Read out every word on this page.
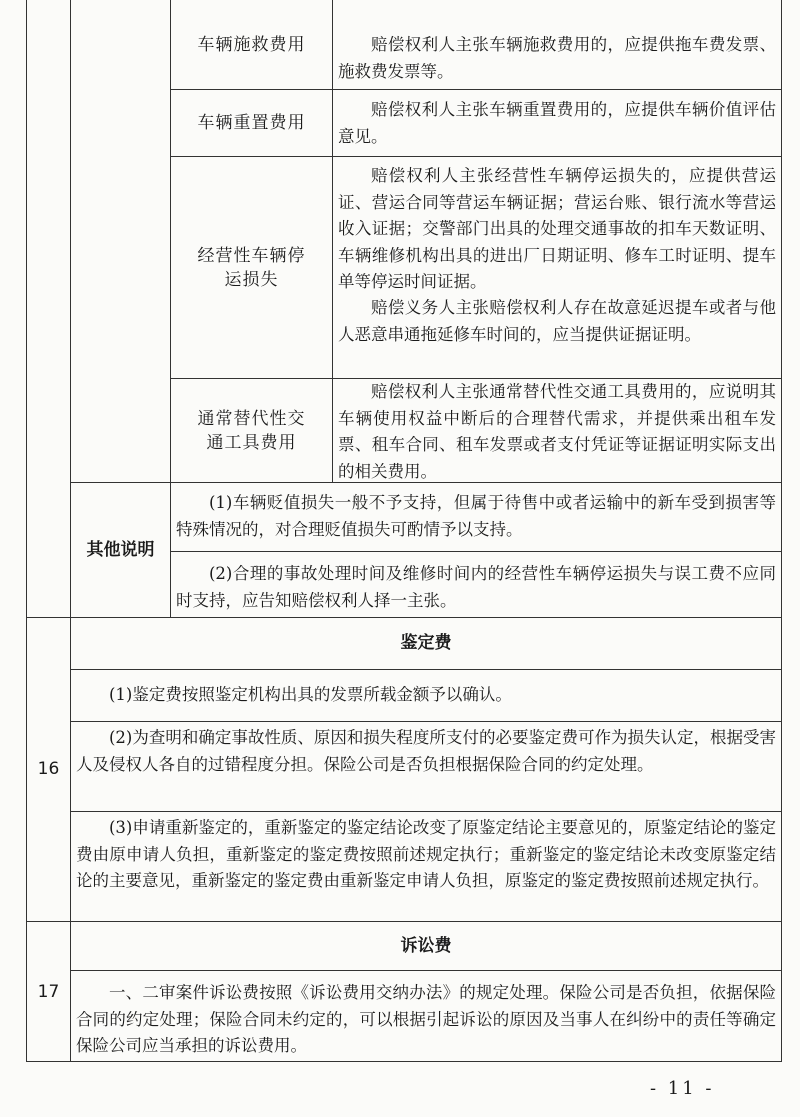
车辆施救费用	赔偿权利人主张车辆施救费用的，应提供拖车费发票、施救费发票等。
车辆重置费用
赔偿权利人主张车辆重置费用的，应提供车辆价值评估意见。
经营性车辆停运损失
赔偿权利人主张经营性车辆停运损失的，应提供营运证、营运合同等营运车辆证据；营运台账、银行流水等营运收入证据；交警部门出具的处理交通事故的扣车天数证明、车辆维修机构出具的进出厂日期证明、修车工时证明、提车单等停运时间证据。
赔偿义务人主张赔偿权利人存在故意延迟提车或者与他人恶意串通拖延修车时间的，应当提供证据证明。
通常替代性交通工具费用
赔偿权利人主张通常替代性交通工具费用的，应说明其车辆使用权益中断后的合理替代需求，并提供乘出租车发票、租车合同、租车发票或者支付凭证等证据证明实际支出的相关费用。
其他说明
(1)车辆贬值损失一般不予支持，但属于待售中或者运输中的新车受到损害等特殊情况的，对合理贬值损失可酌情予以支持。
(2)合理的事故处理时间及维修时间内的经营性车辆停运损失与误工费不应同时支持，应告知赔偿权利人择一主张。
16
鉴定费
(1)鉴定费按照鉴定机构出具的发票所载金额予以确认。
(2)为查明和确定事故性质、原因和损失程度所支付的必要鉴定费可作为损失认定，根据受害人及侵权人各自的过错程度分担。保险公司是否负担根据保险合同的约定处理。
(3)申请重新鉴定的，重新鉴定的鉴定结论改变了原鉴定结论主要意见的，原鉴定结论的鉴定费由原申请人负担，重新鉴定的鉴定费按照前述规定执行；重新鉴定的鉴定结论未改变原鉴定结论的主要意见，重新鉴定的鉴定费由重新鉴定申请人负担，原鉴定的鉴定费按照前述规定执行。
17
诉讼费
一、二审案件诉讼费按照《诉讼费用交纳办法》的规定处理。保险公司是否负担，依据保险合同的约定处理；保险合同未约定的，可以根据引起诉讼的原因及当事人在纠纷中的责任等确定保险公司应当承担的诉讼费用。
- 11 -
